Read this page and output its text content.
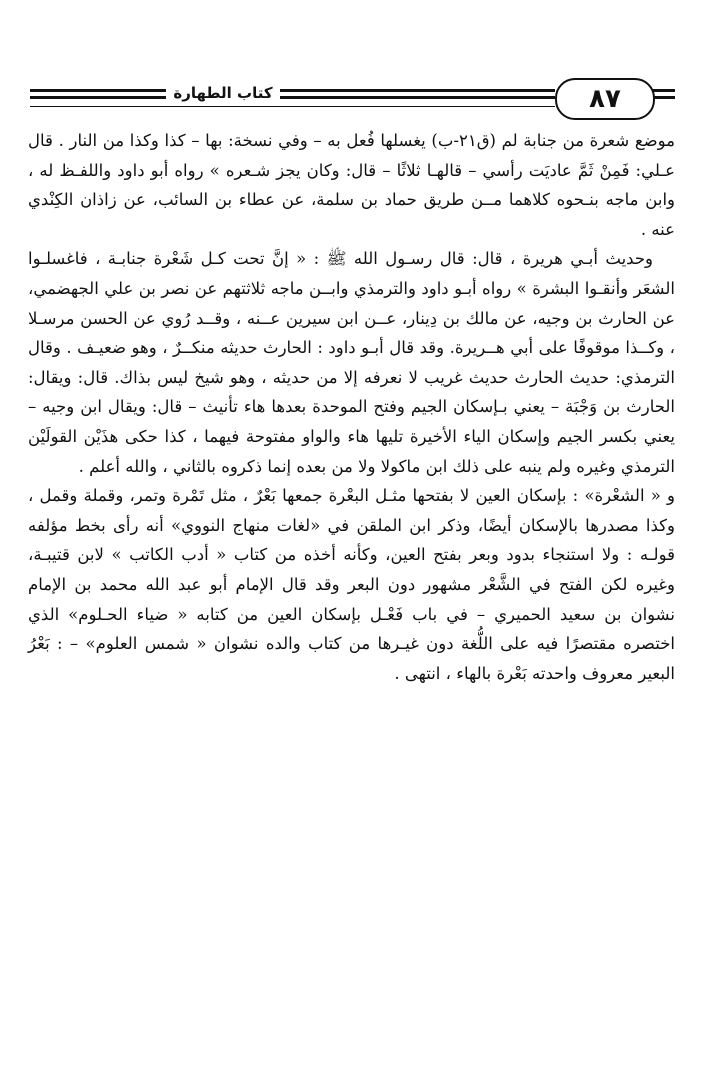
كتاب الطهارة	٨٧

موضع شعرة من جنابة لم (ق٢١-ب) يغسلها فُعل به – وفي نسخة: بها – كذا وكذا من النار . قال عـلي: فَمِنْ ثَمَّ عاديَت رأسي – قالهـا ثلاثًا – قال: وكان يجز شـعره » رواه أبو داود واللفـظ له ، وابن ماجه بنـحوه كلاهما مــن طريق حماد بن سلمة، عن عطاء بن السائب، عن زاذان الكِنْدي عنه .

وحديث أبـي هريرة ، قال: قال رسـول الله ﷺ : « إنَّ تحت كـل شَعْرة جنابـة ، فاغسلـوا الشعَر وأنقـوا البشرة » رواه أبـو داود والترمذي وابــن ماجه ثلاثتهم عن نصر بن علي الجهضمي، عن الحارث بن وجيه، عن مالك بن دِينار، عــن ابن سيرين عــنه ، وقــد رُوي عن الحسن مرسـلا ، وكــذا موقوفًا على أبي هــريرة. وقد قال أبـو داود : الحارث حديثه منكــرٌ ، وهو ضعيـف . وقال الترمذي: حديث الحارث حديث غريب لا نعرفه إلا من حديثه ، وهو شيخ ليس بذاك. قال: ويقال: الحارث بن وَجْبَة – يعني بـإسكان الجيم وفتح الموحدة بعدها هاء تأنيث – قال: ويقال ابن وجيه – يعني بكسر الجيم وإسكان الياء الأخيرة تليها هاء والواو مفتوحة فيهما ، كذا حكى هذَيْن القولَيْن الترمذي وغيره ولم ينبه على ذلك ابن ماكولا ولا من بعده إنما ذكروه بالثاني ، والله أعلم .

و « الشعْرة» : بإسكان العين لا بفتحها مثـل البعْرة جمعها بَعْرٌ ، مثل تَمْرة وتمر، وقملة وقمل ، وكذا مصدرها بالإسكان أيضًا، وذكر ابن الملقن في «لغات منهاج النووي» أنه رأى بخط مؤلفه قولـه : ولا استنجاء بدود وبعر بفتح العين، وكأنه أخذه من كتاب « أدب الكاتب » لابن قتيبـة، وغيره لكن الفتح في الشَّعْر مشهور دون البعر وقد قال الإمام أبو عبد الله محمد بن الإمام نشوان بن سعيد الحميري – في باب فَعْـل بإسكان العين من كتابه « ضياء الحـلوم» الذي اختصره مقتصرًا فيه على اللُّغة دون غيـرها من كتاب والده نشوان « شمس العلوم» – : بَعْرُ البعير معروف واحدته بَعْرة بالهاء ، انتهى .
